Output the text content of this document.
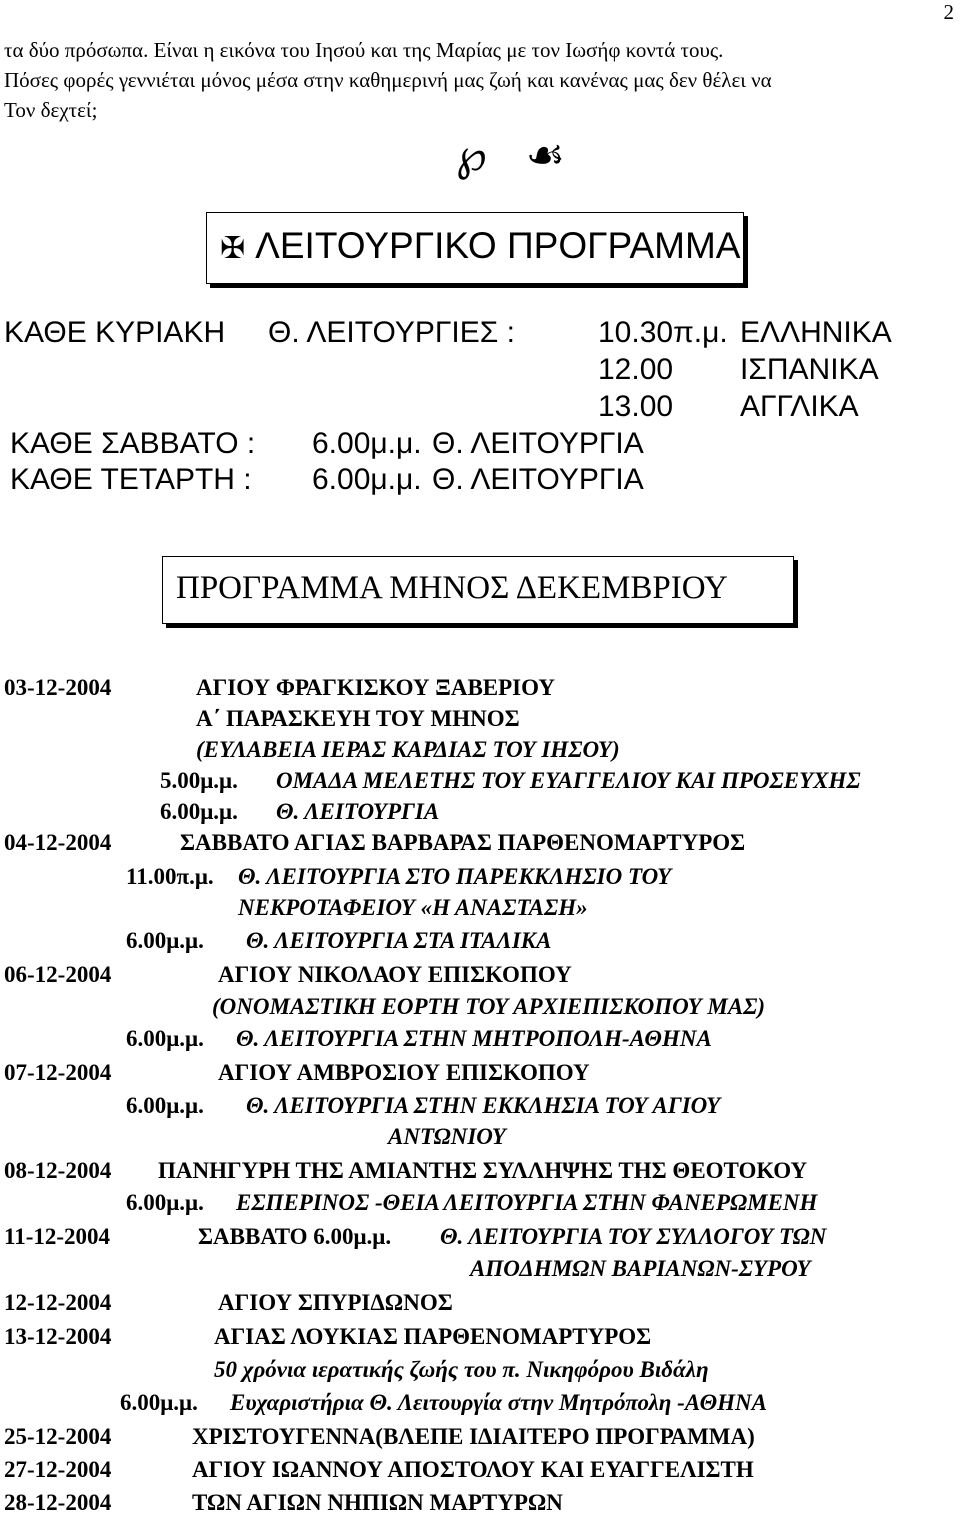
2
τα δύο πρόσωπα. Είναι η εικόνα του Ιησού και της Μαρίας με τον Ιωσήφ κοντά τους.
Πόσες φορές γεννιέται μόνος μέσα στην καθημερινή μας ζωή και κανένας μας δεν θέλει να
Τον δεχτεί;
℘ ☙
✠ ΛΕΙΤΟΥΡΓΙΚΟ ΠΡΟΓΡΑΜΜΑ
ΚΑΘΕ ΚΥΡΙΑΚΗ Θ. ΛΕΙΤΟΥΡΓΙΕΣ :	10.30π.μ. ΕΛΛΗΝΙΚΑ
12.00 ΙΣΠΑΝΙΚΑ
13.00 ΑΓΓΛΙΚΑ
ΚΑΘΕ ΣΑΒΒΑΤΟ : 6.00μ.μ. Θ. ΛΕΙΤΟΥΡΓΙΑ
ΚΑΘΕ ΤΕΤΑΡΤΗ : 6.00μ.μ. Θ. ΛΕΙΤΟΥΡΓΙΑ
ΠΡΟΓΡΑΜΜΑ ΜΗΝΟΣ ΔΕΚΕΜΒΡΙΟΥ
03-12-2004	ΑΓΙΟΥ ΦΡΑΓΚΙΣΚΟΥ ΞΑΒΕΡΙΟΥ
Α΄ ΠΑΡΑΣΚΕΥΗ ΤΟΥ ΜΗΝΟΣ
(ΕΥΛΑΒΕΙΑ ΙΕΡΑΣ ΚΑΡΔΙΑΣ ΤΟΥ ΙΗΣΟΥ)
5.00μ.μ. ΟΜΑΔΑ ΜΕΛΕΤΗΣ ΤΟΥ ΕΥΑΓΓΕΛΙΟΥ ΚΑΙ ΠΡΟΣΕΥΧΗΣ
6.00μ.μ. Θ. ΛΕΙΤΟΥΡΓΙΑ
04-12-2004	ΣΑΒΒΑΤΟ ΑΓΙΑΣ ΒΑΡΒΑΡΑΣ ΠΑΡΘΕΝΟΜΑΡΤΥΡΟΣ
11.00π.μ. Θ. ΛΕΙΤΟΥΡΓΙΑ ΣΤΟ ΠΑΡΕΚΚΛΗΣΙΟ ΤΟΥ
ΝΕΚΡΟΤΑΦΕΙΟΥ «Η ΑΝΑΣΤΑΣΗ»
6.00μ.μ. Θ. ΛΕΙΤΟΥΡΓΙΑ ΣΤΑ ΙΤΑΛΙΚΑ
06-12-2004	ΑΓΙΟΥ ΝΙΚΟΛΑΟΥ ΕΠΙΣΚΟΠΟΥ
(ΟΝΟΜΑΣΤΙΚΗ ΕΟΡΤΗ ΤΟΥ ΑΡΧΙΕΠΙΣΚΟΠΟΥ ΜΑΣ)
6.00μ.μ. Θ. ΛΕΙΤΟΥΡΓΙΑ ΣΤΗΝ ΜΗΤΡΟΠΟΛΗ-ΑΘΗΝΑ
07-12-2004	ΑΓΙΟΥ ΑΜΒΡΟΣΙΟΥ ΕΠΙΣΚΟΠΟΥ
6.00μ.μ. Θ. ΛΕΙΤΟΥΡΓΙΑ ΣΤΗΝ ΕΚΚΛΗΣΙΑ ΤΟΥ ΑΓΙΟΥ
ΑΝΤΩΝΙΟΥ
08-12-2004 ΠΑΝΗΓΥΡΗ ΤΗΣ ΑΜΙΑΝΤΗΣ ΣΥΛΛΗΨΗΣ ΤΗΣ ΘΕΟΤΟΚΟΥ
6.00μ.μ. ΕΣΠΕΡΙΝΟΣ -ΘΕΙΑ ΛΕΙΤΟΥΡΓΙΑ ΣΤΗΝ ΦΑΝΕΡΩΜΕΝΗ
11-12-2004	ΣΑΒΒΑΤΟ 6.00μ.μ. Θ. ΛΕΙΤΟΥΡΓΙΑ ΤΟΥ ΣΥΛΛΟΓΟΥ ΤΩΝ
ΑΠΟΔΗΜΩΝ ΒΑΡΙΑΝΩΝ-ΣΥΡΟΥ
12-12-2004	ΑΓΙΟΥ ΣΠΥΡΙΔΩΝΟΣ
13-12-2004	ΑΓΙΑΣ ΛΟΥΚΙΑΣ ΠΑΡΘΕΝΟΜΑΡΤΥΡΟΣ
50 χρόνια ιερατικής ζωής του π. Νικηφόρου Βιδάλη
6.00μ.μ. Ευχαριστήρια Θ. Λειτουργία στην Μητρόπολη -ΑΘΗΝΑ
25-12-2004	ΧΡΙΣΤΟΥΓΕΝΝΑ(ΒΛΕΠΕ ΙΔΙΑΙΤΕΡΟ ΠΡΟΓΡΑΜΜΑ)
27-12-2004	ΑΓΙΟΥ ΙΩΑΝΝΟΥ ΑΠΟΣΤΟΛΟΥ ΚΑΙ ΕΥΑΓΓΕΛΙΣΤΗ
28-12-2004	ΤΩΝ ΑΓΙΩΝ ΝΗΠΙΩΝ ΜΑΡΤΥΡΩΝ
